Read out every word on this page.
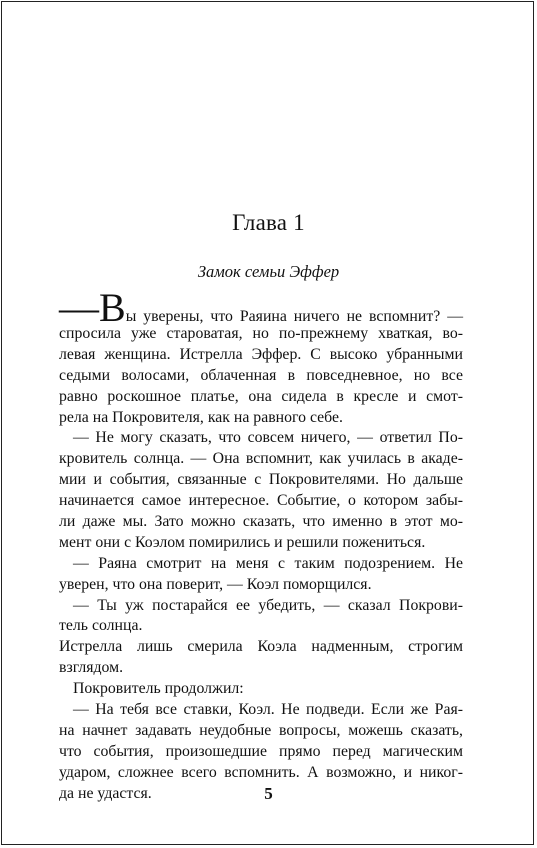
Глава 1
Замок семьи Эффер
—Вы уверены, что Раяина ничего не вспомнит? —
спросила уже староватая, но по-прежнему хваткая, во-
левая женщина. Истрелла Эффер. С высоко убранными
седыми волосами, облаченная в повседневное, но все
равно роскошное платье, она сидела в кресле и смот-
рела на Покровителя, как на равного себе.
— Не могу сказать, что совсем ничего, — ответил По-
кровитель солнца. — Она вспомнит, как училась в акаде-
мии и события, связанные с Покровителями. Но дальше
начинается самое интересное. Событие, о котором забы-
ли даже мы. Зато можно сказать, что именно в этот мо-
мент они с Коэлом помирились и решили пожениться.
— Раяна смотрит на меня с таким подозрением. Не
уверен, что она поверит, — Коэл поморщился.
— Ты уж постарайся ее убедить, — сказал Покрови-
тель солнца.
Истрелла лишь смерила Коэла надменным, строгим
взглядом.
Покровитель продолжил:
— На тебя все ставки, Коэл. Не подведи. Если же Рая-
на начнет задавать неудобные вопросы, можешь сказать,
что события, произошедшие прямо перед магическим
ударом, сложнее всего вспомнить. А возможно, и никог-
да не удастся.	5
